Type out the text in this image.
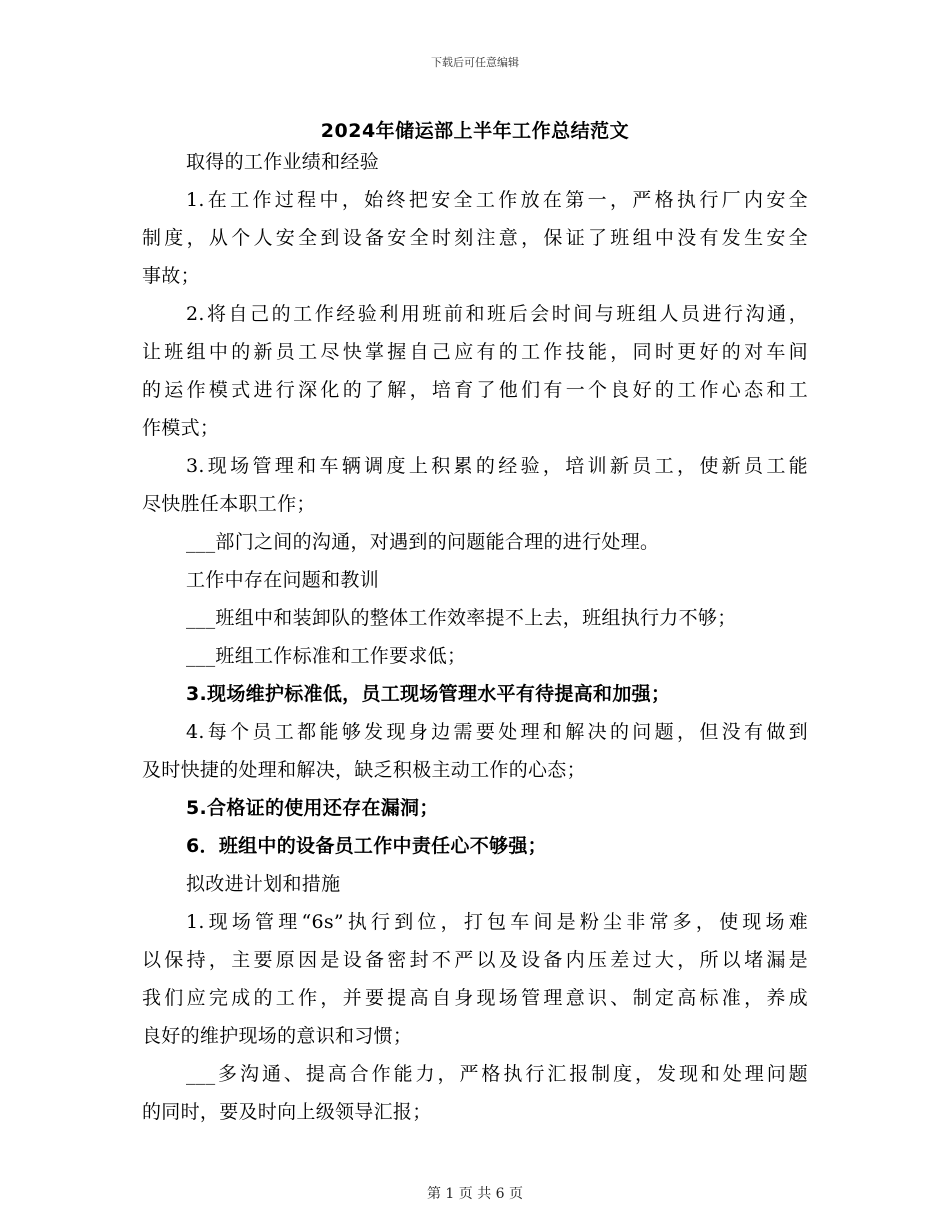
下载后可任意编辑
2024年储运部上半年工作总结范文
取得的工作业绩和经验
1.在工作过程中，始终把安全工作放在第一，严格执行厂内安全
制度，从个人安全到设备安全时刻注意，保证了班组中没有发生安全
事故；
2.将自己的工作经验利用班前和班后会时间与班组人员进行沟通，
让班组中的新员工尽快掌握自己应有的工作技能，同时更好的对车间
的运作模式进行深化的了解，培育了他们有一个良好的工作心态和工
作模式；
3.现场管理和车辆调度上积累的经验，培训新员工，使新员工能
尽快胜任本职工作；
___部门之间的沟通，对遇到的问题能合理的进行处理。
工作中存在问题和教训
___班组中和装卸队的整体工作效率提不上去，班组执行力不够；
___班组工作标准和工作要求低；
3.现场维护标准低，员工现场管理水平有待提高和加强；
4.每个员工都能够发现身边需要处理和解决的问题，但没有做到
及时快捷的处理和解决，缺乏积极主动工作的心态；
5.合格证的使用还存在漏洞；
6．班组中的设备员工作中责任心不够强；
拟改进计划和措施
1.现场管理“6s”执行到位，打包车间是粉尘非常多，使现场难
以保持，主要原因是设备密封不严以及设备内压差过大，所以堵漏是
我们应完成的工作，并要提高自身现场管理意识、制定高标准，养成
良好的维护现场的意识和习惯；
___多沟通、提高合作能力，严格执行汇报制度，发现和处理问题
的同时，要及时向上级领导汇报；
第 1 页 共 6 页
